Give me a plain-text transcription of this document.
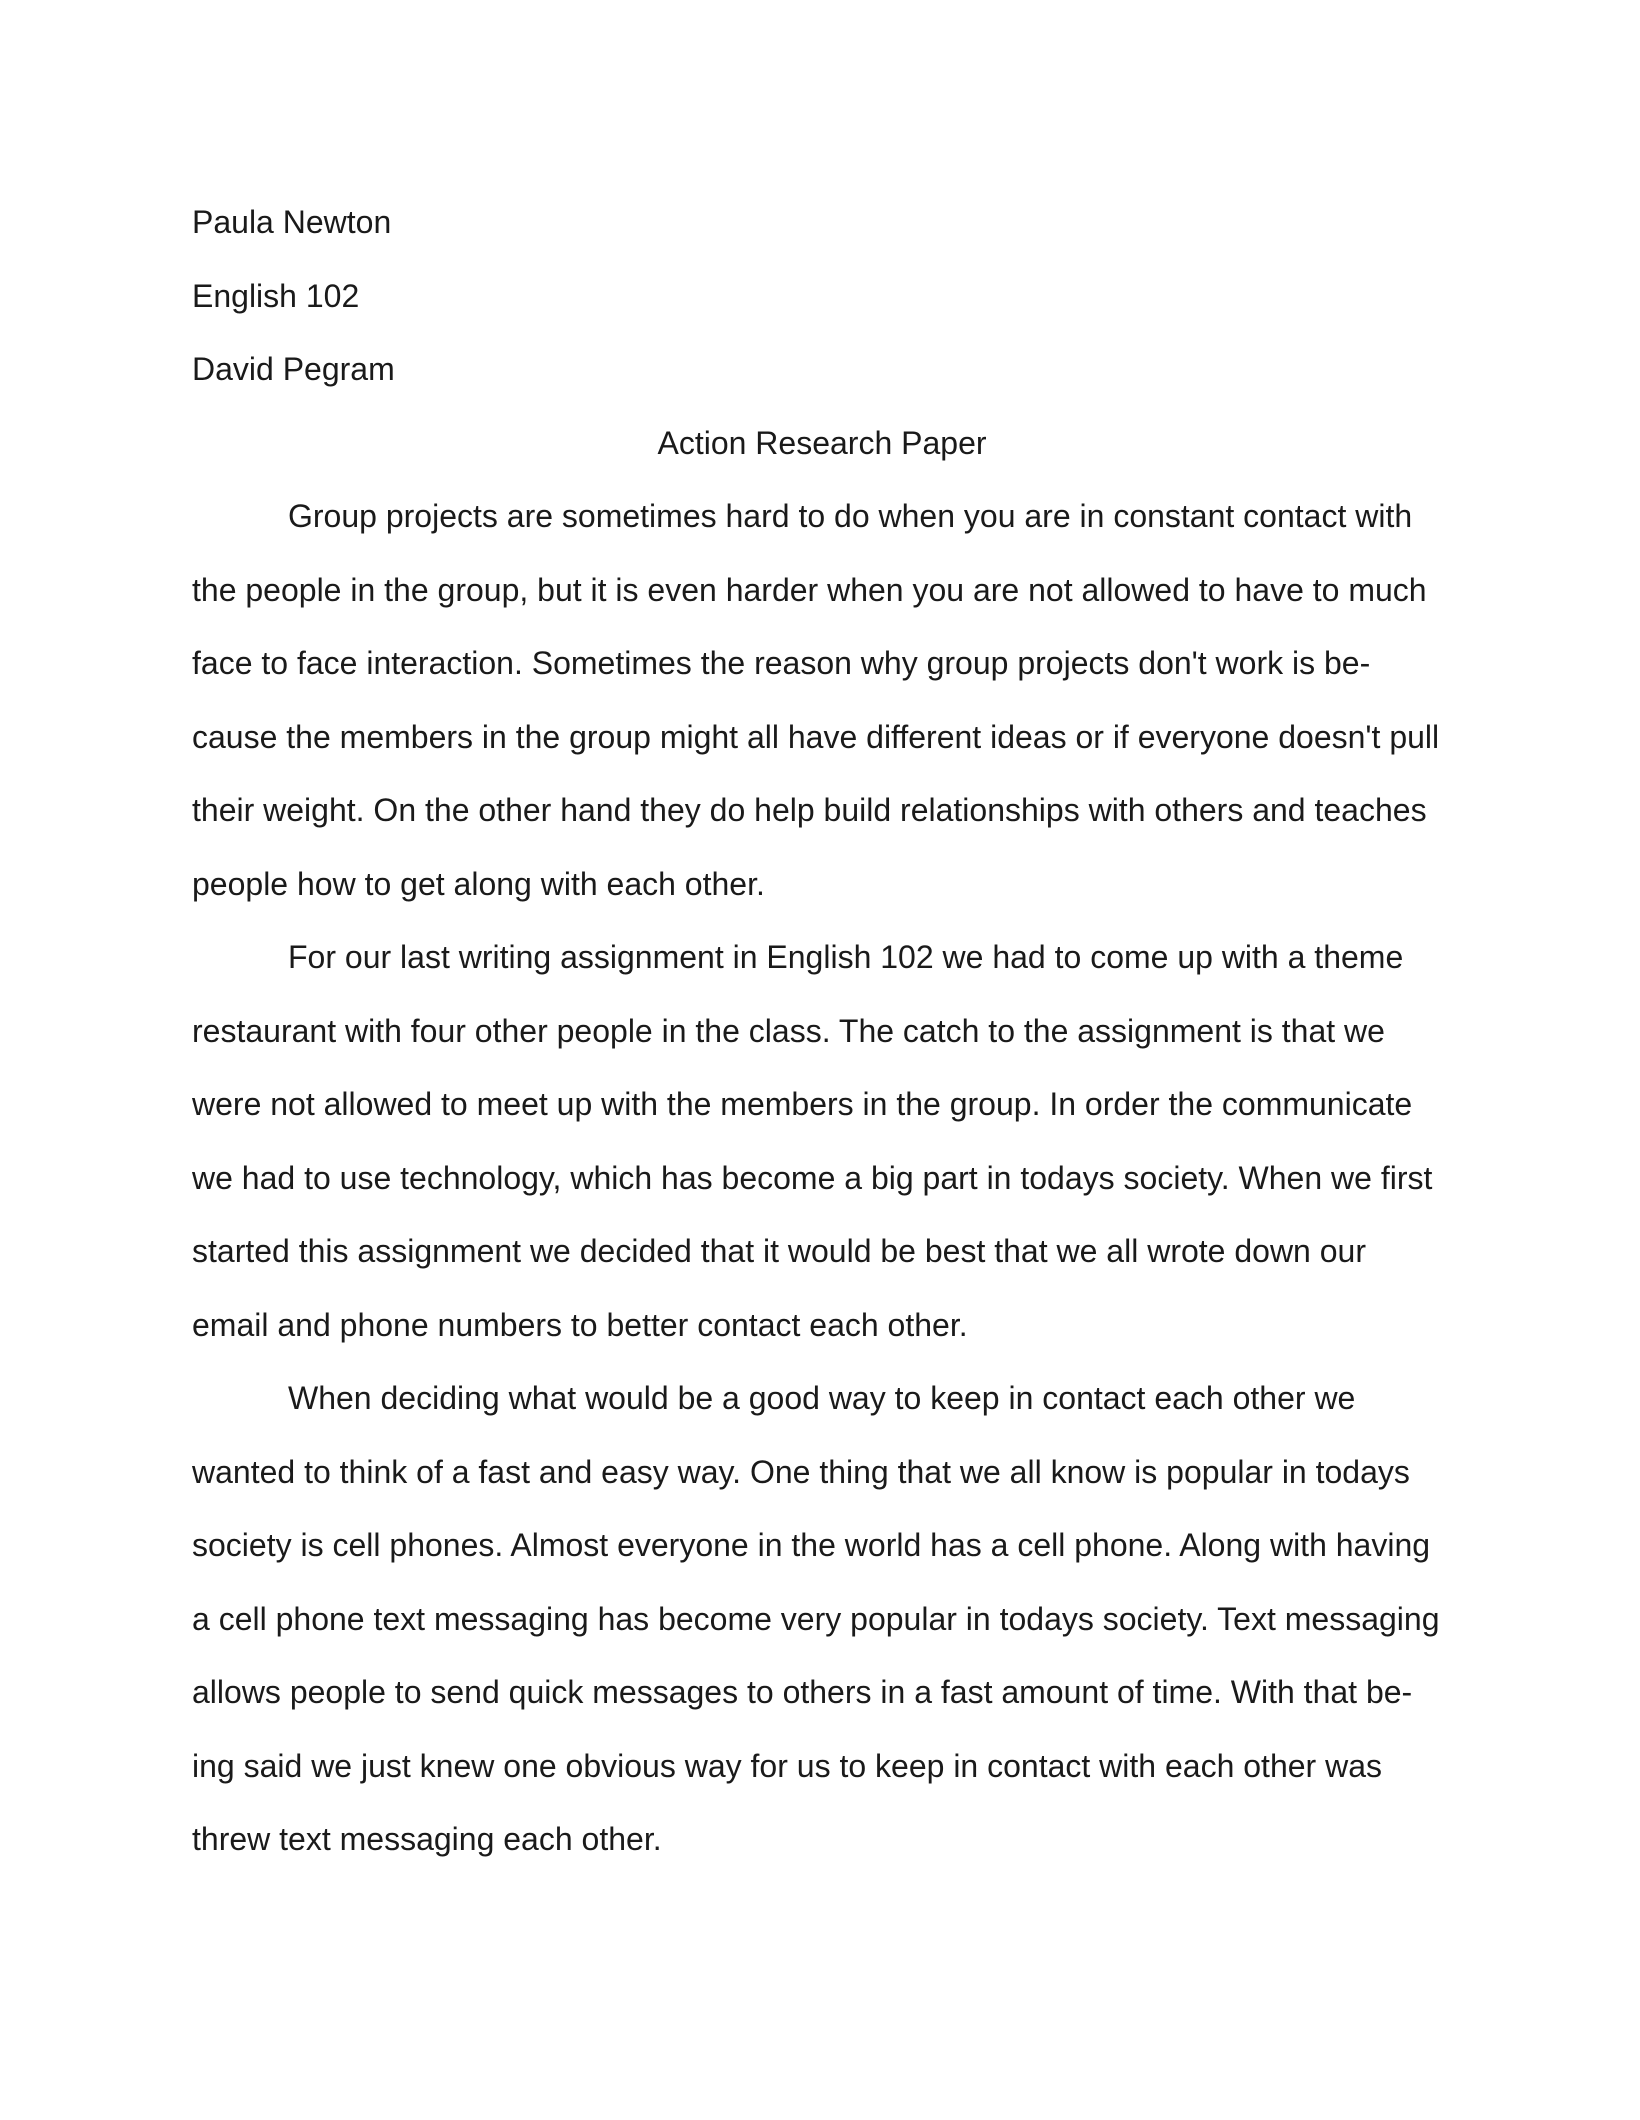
Paula Newton

English 102

David Pegram

Action Research Paper

Group projects are sometimes hard to do when you are in constant contact with

the people in the group, but it is even harder when you are not allowed to have to much

face to face interaction. Sometimes the reason why group projects don't work is be-

cause the members in the group might all have different ideas or if everyone doesn't pull

their weight. On the other hand they do help build relationships with others and teaches

people how to get along with each other.

For our last writing assignment in English 102 we had to come up with a theme

restaurant with four other people in the class. The catch to the assignment is that we

were not allowed to meet up with the members in the group. In order the communicate

we had to use technology, which has become a big part in todays society. When we first

started this assignment we decided that it would be best that we all wrote down our

email and phone numbers to better contact each other.

When deciding what would be a good way to keep in contact each other we

wanted to think of a fast and easy way. One thing that we all know is popular in todays

society is cell phones. Almost everyone in the world has a cell phone. Along with having

a cell phone text messaging has become very popular in todays society. Text messaging

allows people to send quick messages to others in a fast amount of time. With that be-

ing said we just knew one obvious way for us to keep in contact with each other was

threw text messaging each other.
